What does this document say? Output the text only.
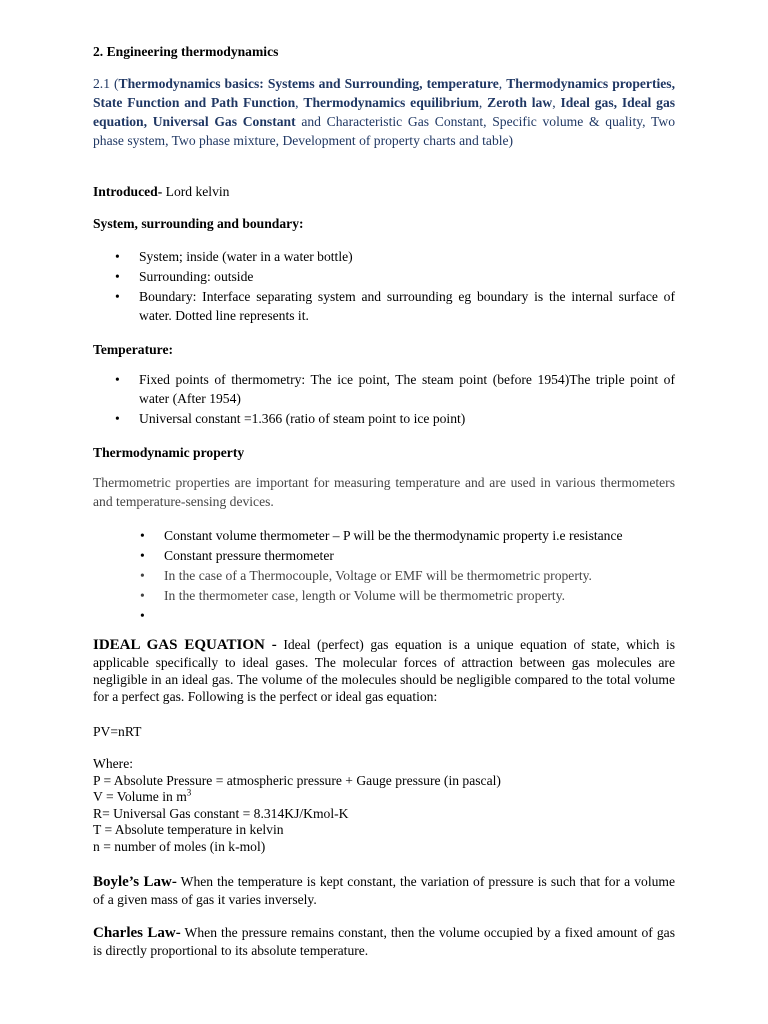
2. Engineering thermodynamics

2.1 (Thermodynamics basics: Systems and Surrounding, temperature, Thermodynamics properties, State Function and Path Function, Thermodynamics equilibrium, Zeroth law, Ideal gas, Ideal gas equation, Universal Gas Constant and Characteristic Gas Constant, Specific volume & quality, Two phase system, Two phase mixture, Development of property charts and table)

Introduced- Lord kelvin

System, surrounding and boundary:

• System; inside (water in a water bottle)
• Surrounding: outside
• Boundary: Interface separating system and surrounding eg boundary is the internal surface of water. Dotted line represents it.

Temperature:

• Fixed points of thermometry: The ice point, The steam point (before 1954)The triple point of water (After 1954)
• Universal constant =1.366 (ratio of steam point to ice point)

Thermodynamic property

Thermometric properties are important for measuring temperature and are used in various thermometers and temperature-sensing devices.

• Constant volume thermometer – P will be the thermodynamic property i.e resistance
• Constant pressure thermometer
• In the case of a Thermocouple, Voltage or EMF will be thermometric property.
• In the thermometer case, length or Volume will be thermometric property.
•

IDEAL GAS EQUATION - Ideal (perfect) gas equation is a unique equation of state, which is applicable specifically to ideal gases. The molecular forces of attraction between gas molecules are negligible in an ideal gas. The volume of the molecules should be negligible compared to the total volume for a perfect gas. Following is the perfect or ideal gas equation:

PV=nRT

Where:
P = Absolute Pressure = atmospheric pressure + Gauge pressure (in pascal)
V = Volume in $m^3$
R= Universal Gas constant = 8.314KJ/Kmol-K
T = Absolute temperature in kelvin
n = number of moles (in k-mol)

Boyle’s Law- When the temperature is kept constant, the variation of pressure is such that for a volume of a given mass of gas it varies inversely.

Charles Law- When the pressure remains constant, then the volume occupied by a fixed amount of gas is directly proportional to its absolute temperature.
